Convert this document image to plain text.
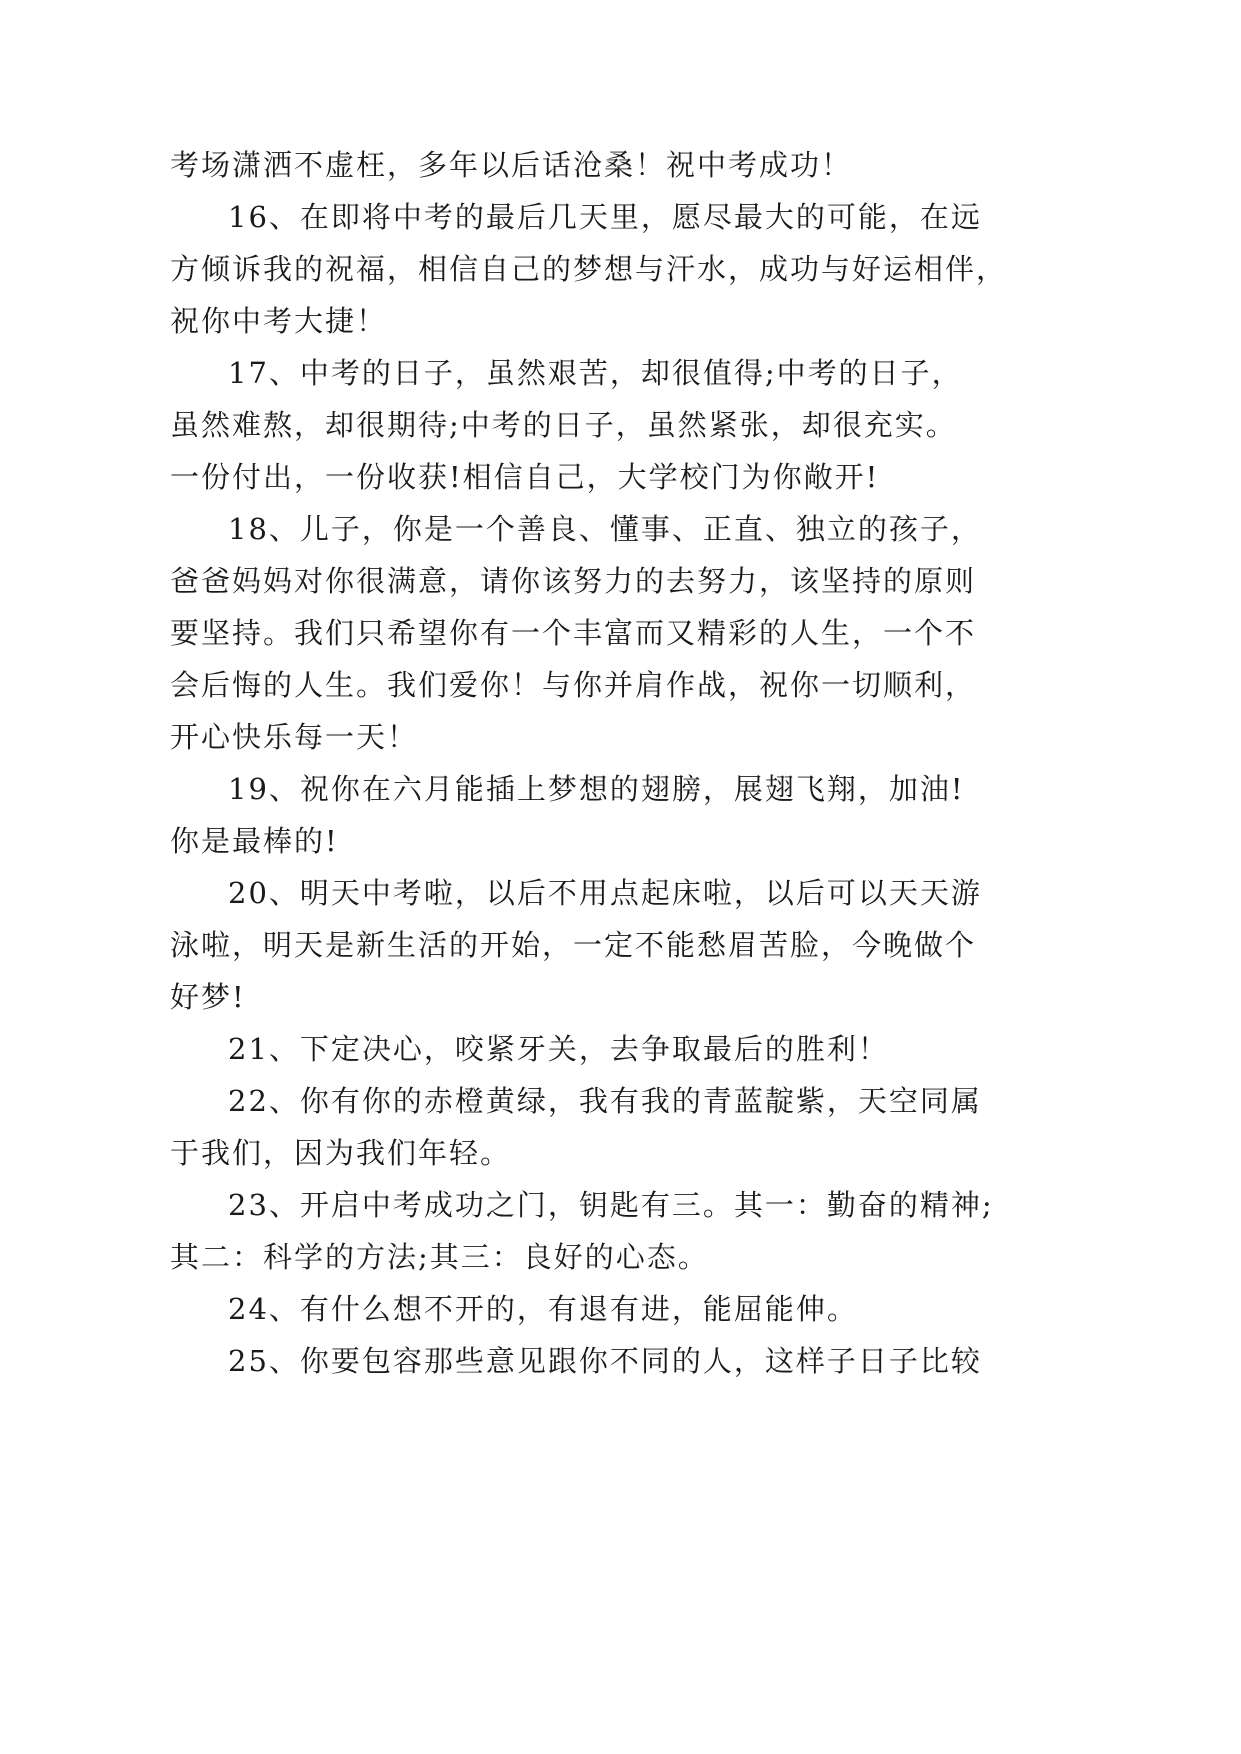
考场潇洒不虚枉，多年以后话沧桑！祝中考成功！

16、在即将中考的最后几天里，愿尽最大的可能，在远
方倾诉我的祝福，相信自己的梦想与汗水，成功与好运相伴，
祝你中考大捷！

17、中考的日子，虽然艰苦，却很值得;中考的日子，
虽然难熬，却很期待;中考的日子，虽然紧张，却很充实。
一份付出，一份收获!相信自己，大学校门为你敞开!

18、儿子，你是一个善良、懂事、正直、独立的孩子，
爸爸妈妈对你很满意，请你该努力的去努力，该坚持的原则
要坚持。我们只希望你有一个丰富而又精彩的人生，一个不
会后悔的人生。我们爱你！与你并肩作战，祝你一切顺利，
开心快乐每一天！

19、祝你在六月能插上梦想的翅膀，展翅飞翔，加油!
你是最棒的!

20、明天中考啦，以后不用点起床啦，以后可以天天游
泳啦，明天是新生活的开始，一定不能愁眉苦脸，今晚做个
好梦!

21、下定决心，咬紧牙关，去争取最后的胜利！

22、你有你的赤橙黄绿，我有我的青蓝靛紫，天空同属
于我们，因为我们年轻。

23、开启中考成功之门，钥匙有三。其一：勤奋的精神;
其二：科学的方法;其三：良好的心态。

24、有什么想不开的，有退有进，能屈能伸。

25、你要包容那些意见跟你不同的人，这样子日子比较
